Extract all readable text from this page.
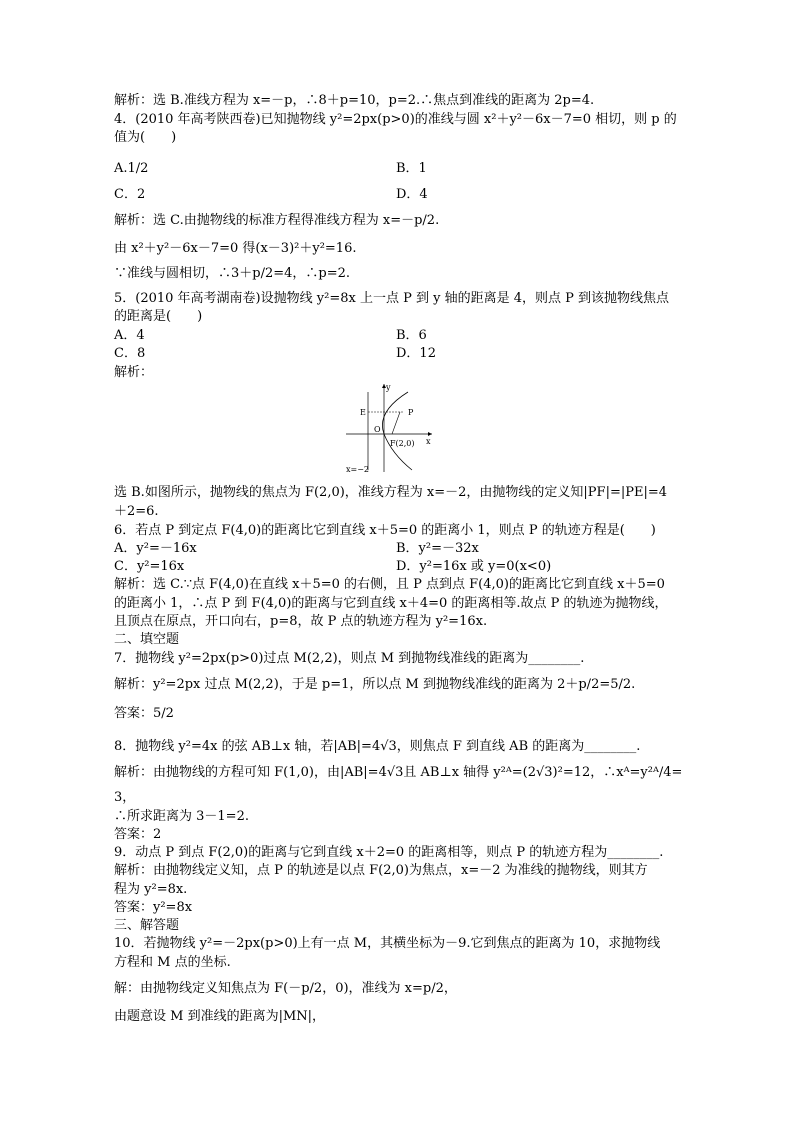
解析：选 B.准线方程为 x=－p，∴8＋p=10，p=2.∴焦点到准线的距离为 2p=4.
4．(2010 年高考陕西卷)已知抛物线 y²=2px(p>0)的准线与圆 x²＋y²－6x－7=0 相切，则 p 的
值为(　　)
A.1/2	B．1
C．2	D．4
解析：选 C.由抛物线的标准方程得准线方程为 x=－p/2.
由 x²＋y²－6x－7=0 得(x－3)²＋y²=16.
∵准线与圆相切，∴3＋p/2=4，∴p=2.
5．(2010 年高考湖南卷)设抛物线 y²=8x 上一点 P 到 y 轴的距离是 4，则点 P 到该抛物线焦点
的距离是(　　)
A．4	B．6
C．8	D．12
解析：
y
E	P
O
F(2,0) x
x=−2
选 B.如图所示，抛物线的焦点为 F(2,0)，准线方程为 x=－2，由抛物线的定义知|PF|=|PE|=4
＋2=6.
6．若点 P 到定点 F(4,0)的距离比它到直线 x＋5=0 的距离小 1，则点 P 的轨迹方程是(　　)
A．y²=－16x	B．y²=－32x
C．y²=16x	D．y²=16x 或 y=0(x<0)
解析：选 C.∵点 F(4,0)在直线 x＋5=0 的右侧，且 P 点到点 F(4,0)的距离比它到直线 x＋5=0
的距离小 1，∴点 P 到 F(4,0)的距离与它到直线 x＋4=0 的距离相等.故点 P 的轨迹为抛物线，
且顶点在原点，开口向右，p=8，故 P 点的轨迹方程为 y²=16x.
二、填空题
7．抛物线 y²=2px(p>0)过点 M(2,2)，则点 M 到抛物线准线的距离为________.
解析：y²=2px 过点 M(2,2)，于是 p=1，所以点 M 到抛物线准线的距离为 2＋p/2=5/2.
答案：5/2
8．抛物线 y²=4x 的弦 AB⊥x 轴，若|AB|=4√3，则焦点 F 到直线 AB 的距离为________.
解析：由抛物线的方程可知 F(1,0)，由|AB|=4√3且 AB⊥x 轴得 y²ᴬ=(2√3)²=12，∴xᴬ=y²ᴬ/4=
3，
∴所求距离为 3－1=2.
答案：2
9．动点 P 到点 F(2,0)的距离与它到直线 x＋2=0 的距离相等，则点 P 的轨迹方程为________.
解析：由抛物线定义知，点 P 的轨迹是以点 F(2,0)为焦点，x=－2 为准线的抛物线，则其方
程为 y²=8x.
答案：y²=8x
三、解答题
10．若抛物线 y²=－2px(p>0)上有一点 M，其横坐标为－9.它到焦点的距离为 10，求抛物线
方程和 M 点的坐标.
解：由抛物线定义知焦点为 F(－p/2，0)，准线为 x=p/2，
由题意设 M 到准线的距离为|MN|，
